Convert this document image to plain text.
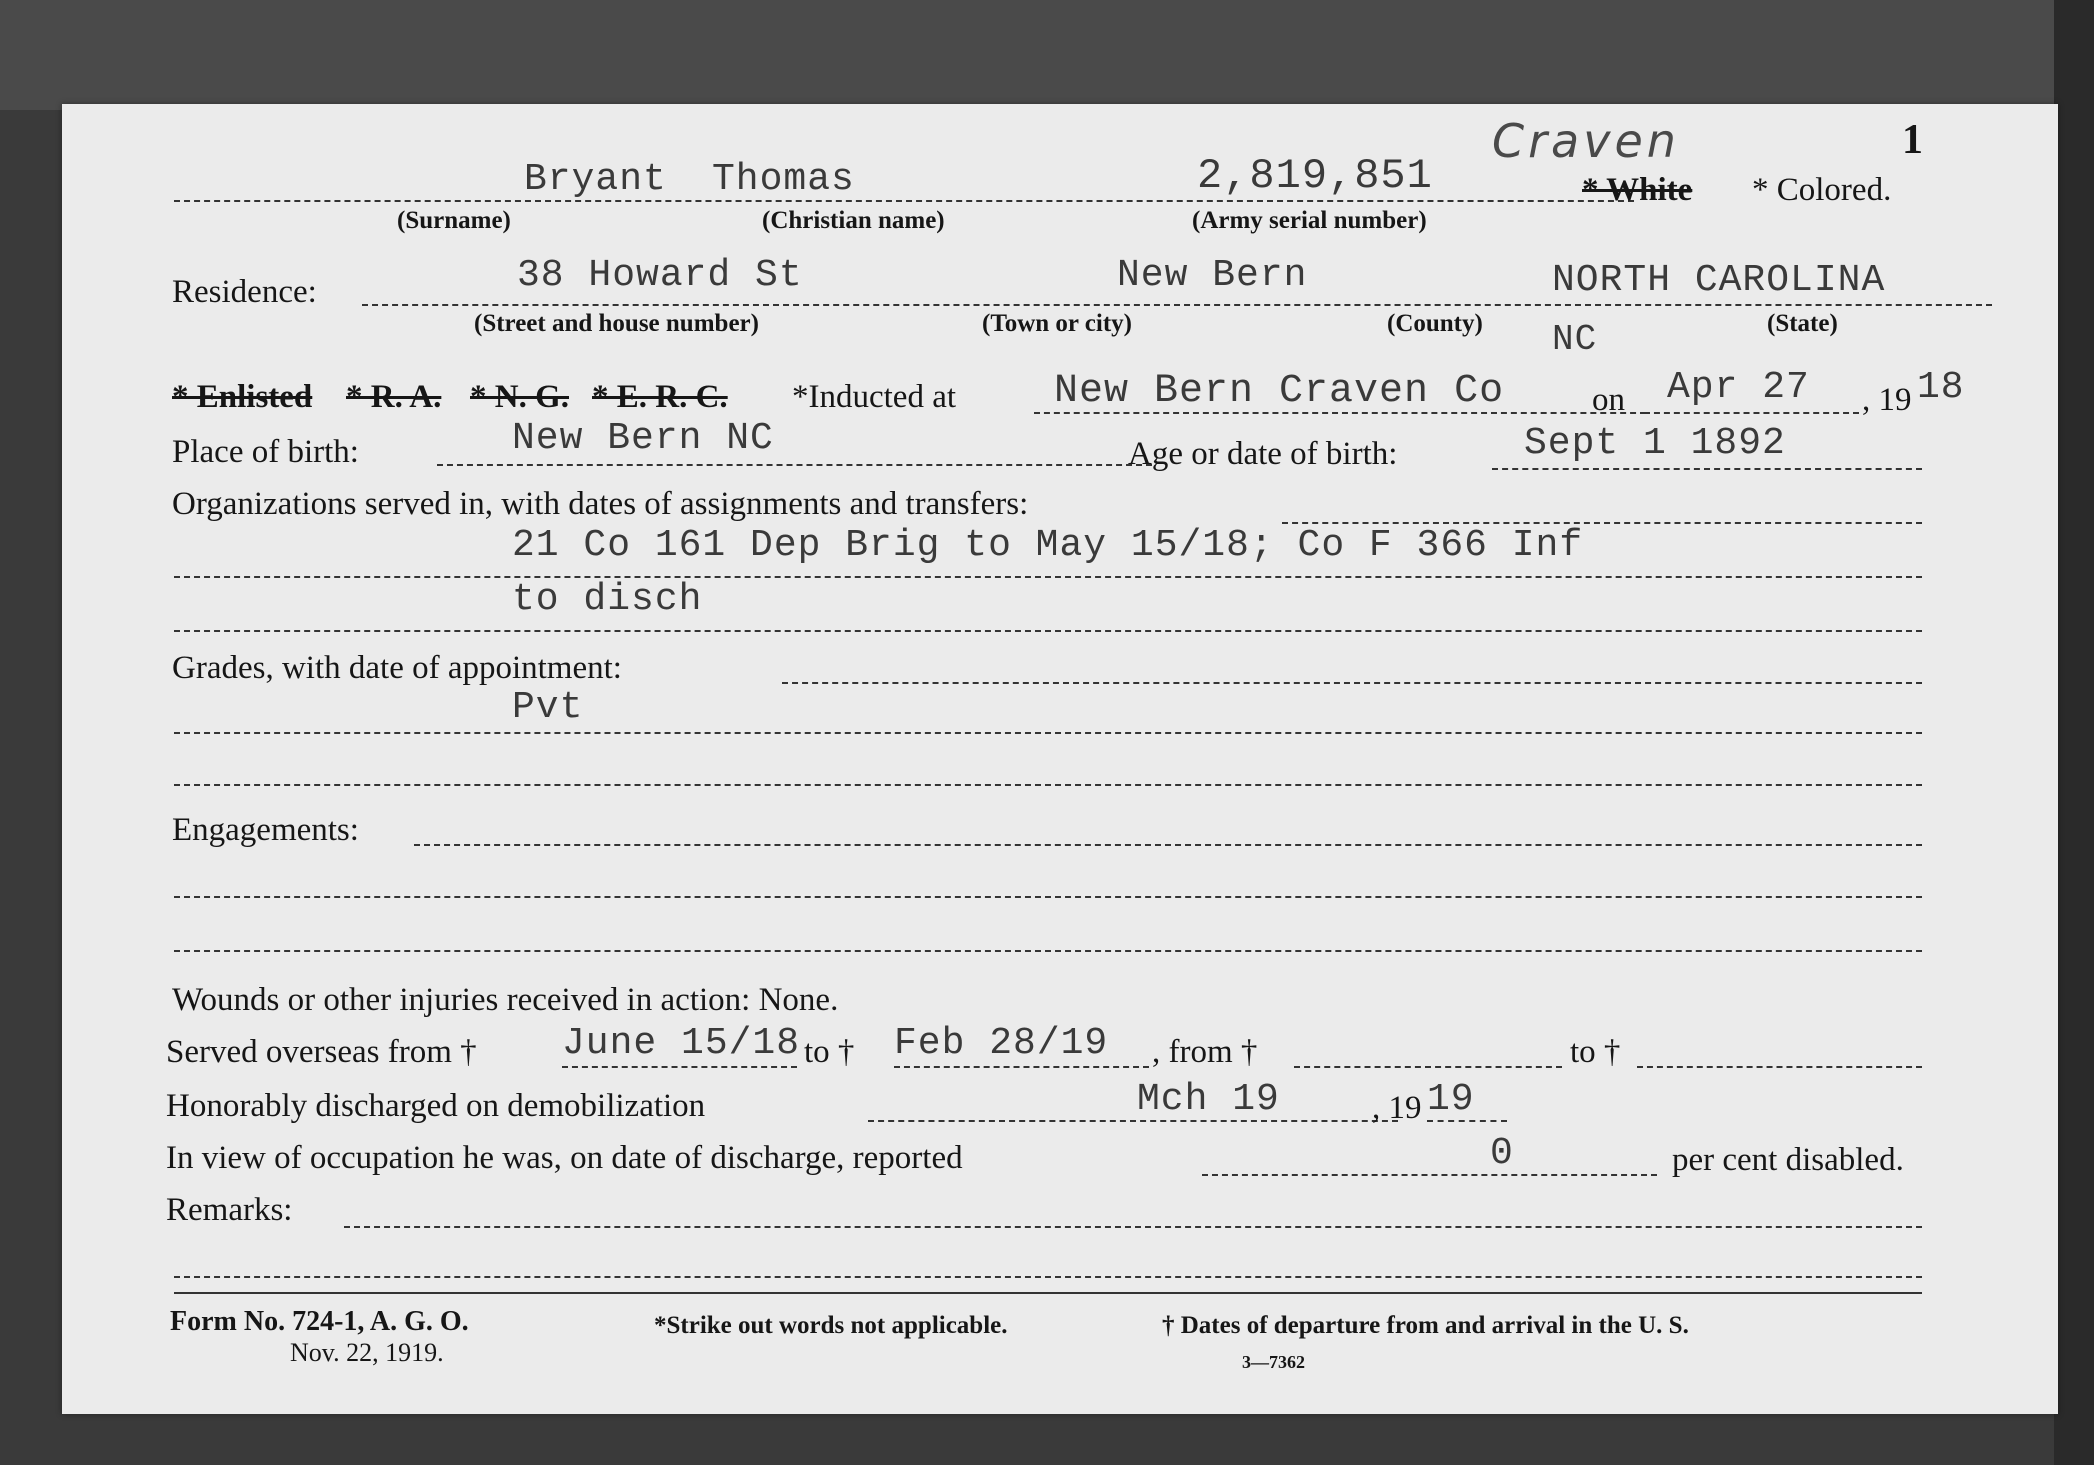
Craven	1
Bryant Thomas	2,819,851	* White * Colored.
(Surname)	(Christian name)	(Army serial number)
Residence:	38 Howard St	New Bern	NORTH CAROLINA
(Street and house number)	(Town or city)	(County)	(State)
NC
* Enlisted * R. A. * N. G. * E. R. C. *Inducted at New Bern Craven Co	on Apr 27 , 19 18
Place of birth:	New Bern NC	Age or date of birth:	Sept 1 1892
Organizations served in, with dates of assignments and transfers:
21 Co 161 Dep Brig to May 15/18; Co F 366 Inf
to disch
Grades, with date of appointment:
Pvt
Engagements:
Wounds or other injuries received in action: None.
Served overseas from † June 15/18 to † Feb 28/19 , from †	to †
Honorably discharged on demobilization	Mch 19	, 19 19
In view of occupation he was, on date of discharge, reported	0	per cent disabled.
Remarks:
Form No. 724-1, A. G. O.
Nov. 22, 1919.
*Strike out words not applicable.	† Dates of departure from and arrival in the U. S.
3—7362
